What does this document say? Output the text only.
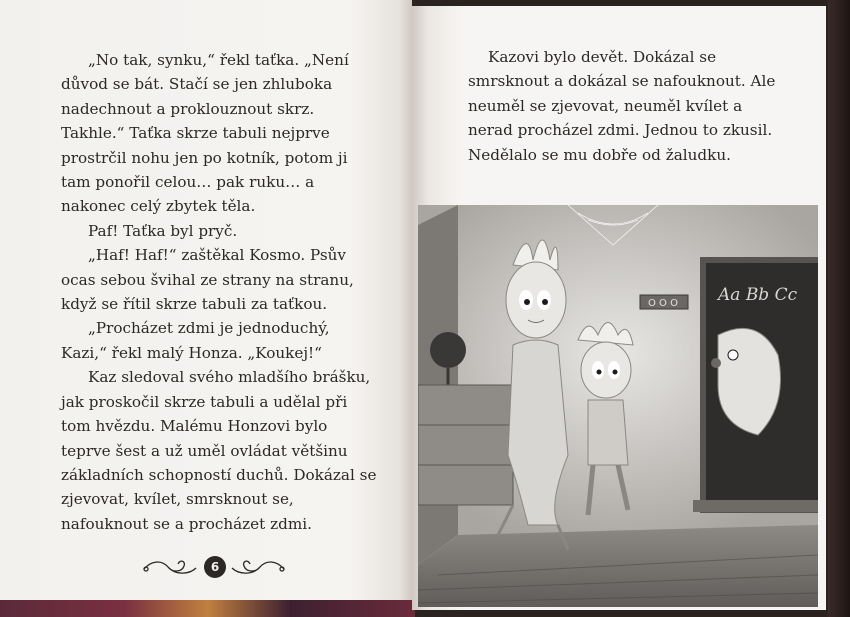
„No tak, synku,“ řekl taťka. „Není důvod se bát. Stačí se jen zhluboka nadechnout a proklouznout skrz. Takhle.“ Taťka skrze tabuli nejprve prostrčil nohu jen po kotník, potom ji tam ponořil celou… pak ruku… a nakonec celý zbytek těla.

Paf! Taťka byl pryč.

„Haf! Haf!“ zaštěkal Kosmo. Psův ocas sebou švihal ze strany na stranu, když se řítil skrze tabuli za taťkou.

„Procházet zdmi je jednoduchý, Kazi,“ řekl malý Honza. „Koukej!“

Kaz sledoval svého mladšího brášku, jak proskočil skrze tabuli a udělal při tom hvězdu. Malému Honzovi bylo teprve šest a už uměl ovládat většinu základních schopností duchů. Dokázal se zjevovat, kvílet, smrsknout se, nafouknout se a procházet zdmi.

6

Kazovi bylo devět. Dokázal se smrsknout a dokázal se nafouknout. Ale neuměl se zjevovat, neuměl kvílet a nerad procházel zdmi. Jednou to zkusil. Nedělalo se mu dobře od žaludku.

Aa Bb Cc
O O O
